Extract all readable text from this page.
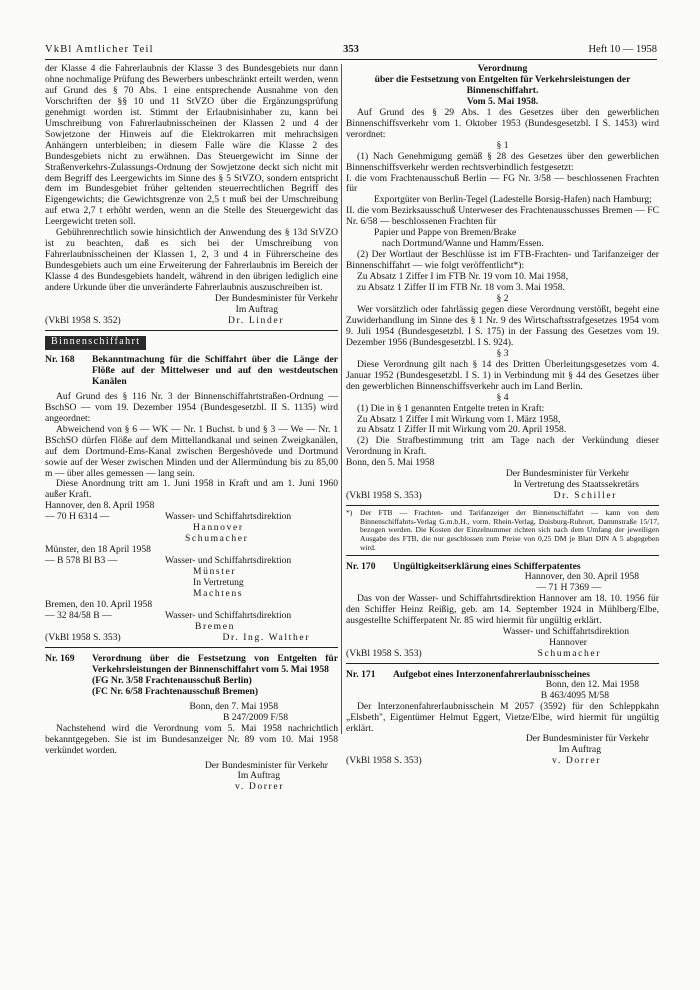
VkBl Amtlicher Teil	353	Heft 10 — 1958

der Klasse 4 die Fahrerlaubnis der Klasse 3 des Bundesgebiets nur dann ohne nochmalige Prüfung des Bewerbers unbeschränkt erteilt werden, wenn auf Grund des § 70 Abs. 1 eine entsprechende Ausnahme von den Vorschriften der §§ 10 und 11 StVZO über die Ergänzungsprüfung genehmigt worden ist. Stimmt der Erlaubnisinhaber zu, kann bei Umschreibung von Fahrerlaubnisscheinen der Klassen 2 und 4 der Sowjetzone der Hinweis auf die Elektrokarren mit mehrachsigen Anhängern unterbleiben; in diesem Falle wäre die Klasse 2 des Bundesgebiets nicht zu erwähnen. Das Steuergewicht im Sinne der Straßenverkehrs-Zulassungs-Ordnung der Sowjetzone deckt sich nicht mit dem Begriff des Leergewichts im Sinne des § 5 StVZO, sondern entspricht dem im Bundesgebiet früher geltenden steuerrechtlichen Begriff des Eigengewichts; die Gewichtsgrenze von 2,5 t muß bei der Umschreibung auf etwa 2,7 t erhöht werden, wenn an die Stelle des Steuergewicht das Leergewicht treten soll.

Gebührenrechtlich sowie hinsichtlich der Anwendung des § 13d StVZO ist zu beachten, daß es sich bei der Umschreibung von Fahrerlaubnisscheinen der Klassen 1, 2, 3 und 4 in Führerscheine des Bundesgebiets auch um eine Erweiterung der Fahrerlaubnis im Bereich der Klasse 4 des Bundesgebiets handelt, während in den übrigen lediglich eine andere Urkunde über die unveränderte Fahrerlaubnis auszuschreiben ist.

Der Bundesminister für Verkehr

Im Auftrag

(VkBl 1958 S. 352)	Dr. Linder
Binnenschiffahrt
Nr. 168	Bekanntmachung für die Schiffahrt über die Länge der Flöße auf der Mittelweser und auf den westdeutschen Kanälen

Auf Grund des § 116 Nr. 3 der Binnenschiffahrtstraßen-Ordnung — BschSO — vom 19. Dezember 1954 (Bundesgesetzbl. II S. 1135) wird angeordnet:

Abweichend von § 6 — WK — Nr. 1 Buchst. b und § 3 — We — Nr. 1 BSchSO dürfen Flöße auf dem Mittellandkanal und seinen Zweigkanälen, auf dem Dortmund-Ems-Kanal zwischen Bergeshövede und Dortmund sowie auf der Weser zwischen Minden und der Allermündung bis zu 85,00 m — über alles gemessen — lang sein.

Diese Anordnung tritt am 1. Juni 1958 in Kraft und am 1. Juni 1960 außer Kraft.

Hannover, den 8. April 1958

— 70 H 6314 —	Wasser- und Schiffahrtsdirektion

Hannover

Schumacher

Münster, den 18 April 1958

— B 578 Bl B3 —	Wasser- und Schiffahrtsdirektion

Münster

In Vertretung

Machtens

Bremen, den 10. April 1958

— 32 84/58 B —	Wasser- und Schiffahrtsdirektion

Bremen

(VkBl 1958 S. 353)	Dr. Ing. Walther
Nr. 169	Verordnung über die Festsetzung von Entgelten für Verkehrsleistungen der Binnenschiffahrt vom 5. Mai 1958
(FG Nr. 3/58 Frachtenausschuß Berlin)
(FC Nr. 6/58 Frachtenausschuß Bremen)

Bonn, den 7. Mai 1958

B 247/2009 F/58

Nachstehend wird die Verordnung vom 5. Mai 1958 nachrichtlich bekanntgegeben. Sie ist im Bundesanzeiger Nr. 89 vom 10. Mai 1958 verkündet worden.

Der Bundesminister für Verkehr

Im Auftrag

v. Dorrer

Verordnung

über die Festsetzung von Entgelten für Verkehrsleistungen der Binnenschiffahrt.

Vom 5. Mai 1958.

Auf Grund des § 29 Abs. 1 des Gesetzes über den gewerblichen Binnenschiffsverkehr vom 1. Oktober 1953 (Bundesgesetzbl. I S. 1453) wird verordnet:

§ 1

(1) Nach Genehmigung gemäß § 28 des Gesetzes über den gewerblichen Binnenschiffsverkehr werden rechtsverbindlich festgesetzt:

I. die vom Frachtenausschuß Berlin — FG Nr. 3/58 — beschlossenen Frachten für

Exportgüter von Berlin-Tegel (Ladestelle Borsig-Hafen) nach Hamburg;

II. die vom Bezirksausschuß Unterweser des Frachtenausschusses Bremen — FC Nr. 6/58 — beschlossenen Frachten für

Papier und Pappe von Bremen/Brake

nach Dortmund/Wanne und Hamm/Essen.

(2) Der Wortlaut der Beschlüsse ist im FTB-Frachten- und Tarifanzeiger der Binnenschiffahrt — wie folgt veröffentlicht*):

Zu Absatz 1 Ziffer I im FTB Nr. 19 vom 10. Mai 1958,

zu Absatz 1 Ziffer II im FTB Nr. 18 vom 3. Mai 1958.

§ 2

Wer vorsätzlich oder fahrlässig gegen diese Verordnung verstößt, begeht eine Zuwiderhandlung im Sinne des § 1 Nr. 9 des Wirtschaftsstrafgesetzes 1954 vom 9. Juli 1954 (Bundesgesetzbl. I S. 175) in der Fassung des Gesetzes vom 19. Dezember 1956 (Bundesgesetzbl. I S. 924).

§ 3

Diese Verordnung gilt nach § 14 des Dritten Überleitungsgesetzes vom 4. Januar 1952 (Bundesgesetzbl. I S. 1) in Verbindung mit § 44 des Gesetzes über den gewerblichen Binnenschiffsverkehr auch im Land Berlin.

§ 4

(1) Die in § 1 genannten Entgelte treten in Kraft:

Zu Absatz 1 Ziffer I mit Wirkung vom 1. März 1958,

zu Absatz 1 Ziffer II mit Wirkung vom 20. April 1958.

(2) Die Strafbestimmung tritt am Tage nach der Verkündung dieser Verordnung in Kraft.

Bonn, den 5. Mai 1958

Der Bundesminister für Verkehr

In Vertretung des Staatssekretärs

(VkBl 1958 S. 353)	Dr. Schiller
*)	Der FTB — Frachten- und Tarifanzeiger der Binnenschiffahrt — kann von dem Binnenschiffahrts-Verlag G.m.b.H., vorm. Rhein-Verlag, Duisburg-Ruhrort, Dammstraße 15/17, bezogen werden. Die Kosten der Einzelnummer richten sich nach dem Umfang der jeweiligen Ausgabe des FTB, die nur geschlossen zum Preise von 0,25 DM je Blatt DIN A 5 abgegeben wird.
Nr. 170	Ungültigkeitserklärung eines Schifferpatentes

Hannover, den 30. April 1958

— 71 H 7369 —

Das von der Wasser- und Schiffahrtsdirektion Hannover am 18. 10. 1956 für den Schiffer Heinz Reißig, geb. am 14. September 1924 in Mühlberg/Elbe, ausgestellte Schifferpatent Nr. 85 wird hiermit für ungültig erklärt.

Wasser- und Schiffahrtsdirektion

Hannover

(VkBl 1958 S. 353)	Schumacher
Nr. 171	Aufgebot eines Interzonenfahrerlaubnisscheines

Bonn, den 12. Mai 1958

B 463/4095 M/58

Der Interzonenfahrerlaubnisschein M 2057 (3592) für den Schleppkahn „Elsbeth", Eigentümer Helmut Eggert, Vietze/Elbe, wird hiermit für ungültig erklärt.

Der Bundesminister für Verkehr

Im Auftrag

(VkBl 1958 S. 353)	v. Dorrer
